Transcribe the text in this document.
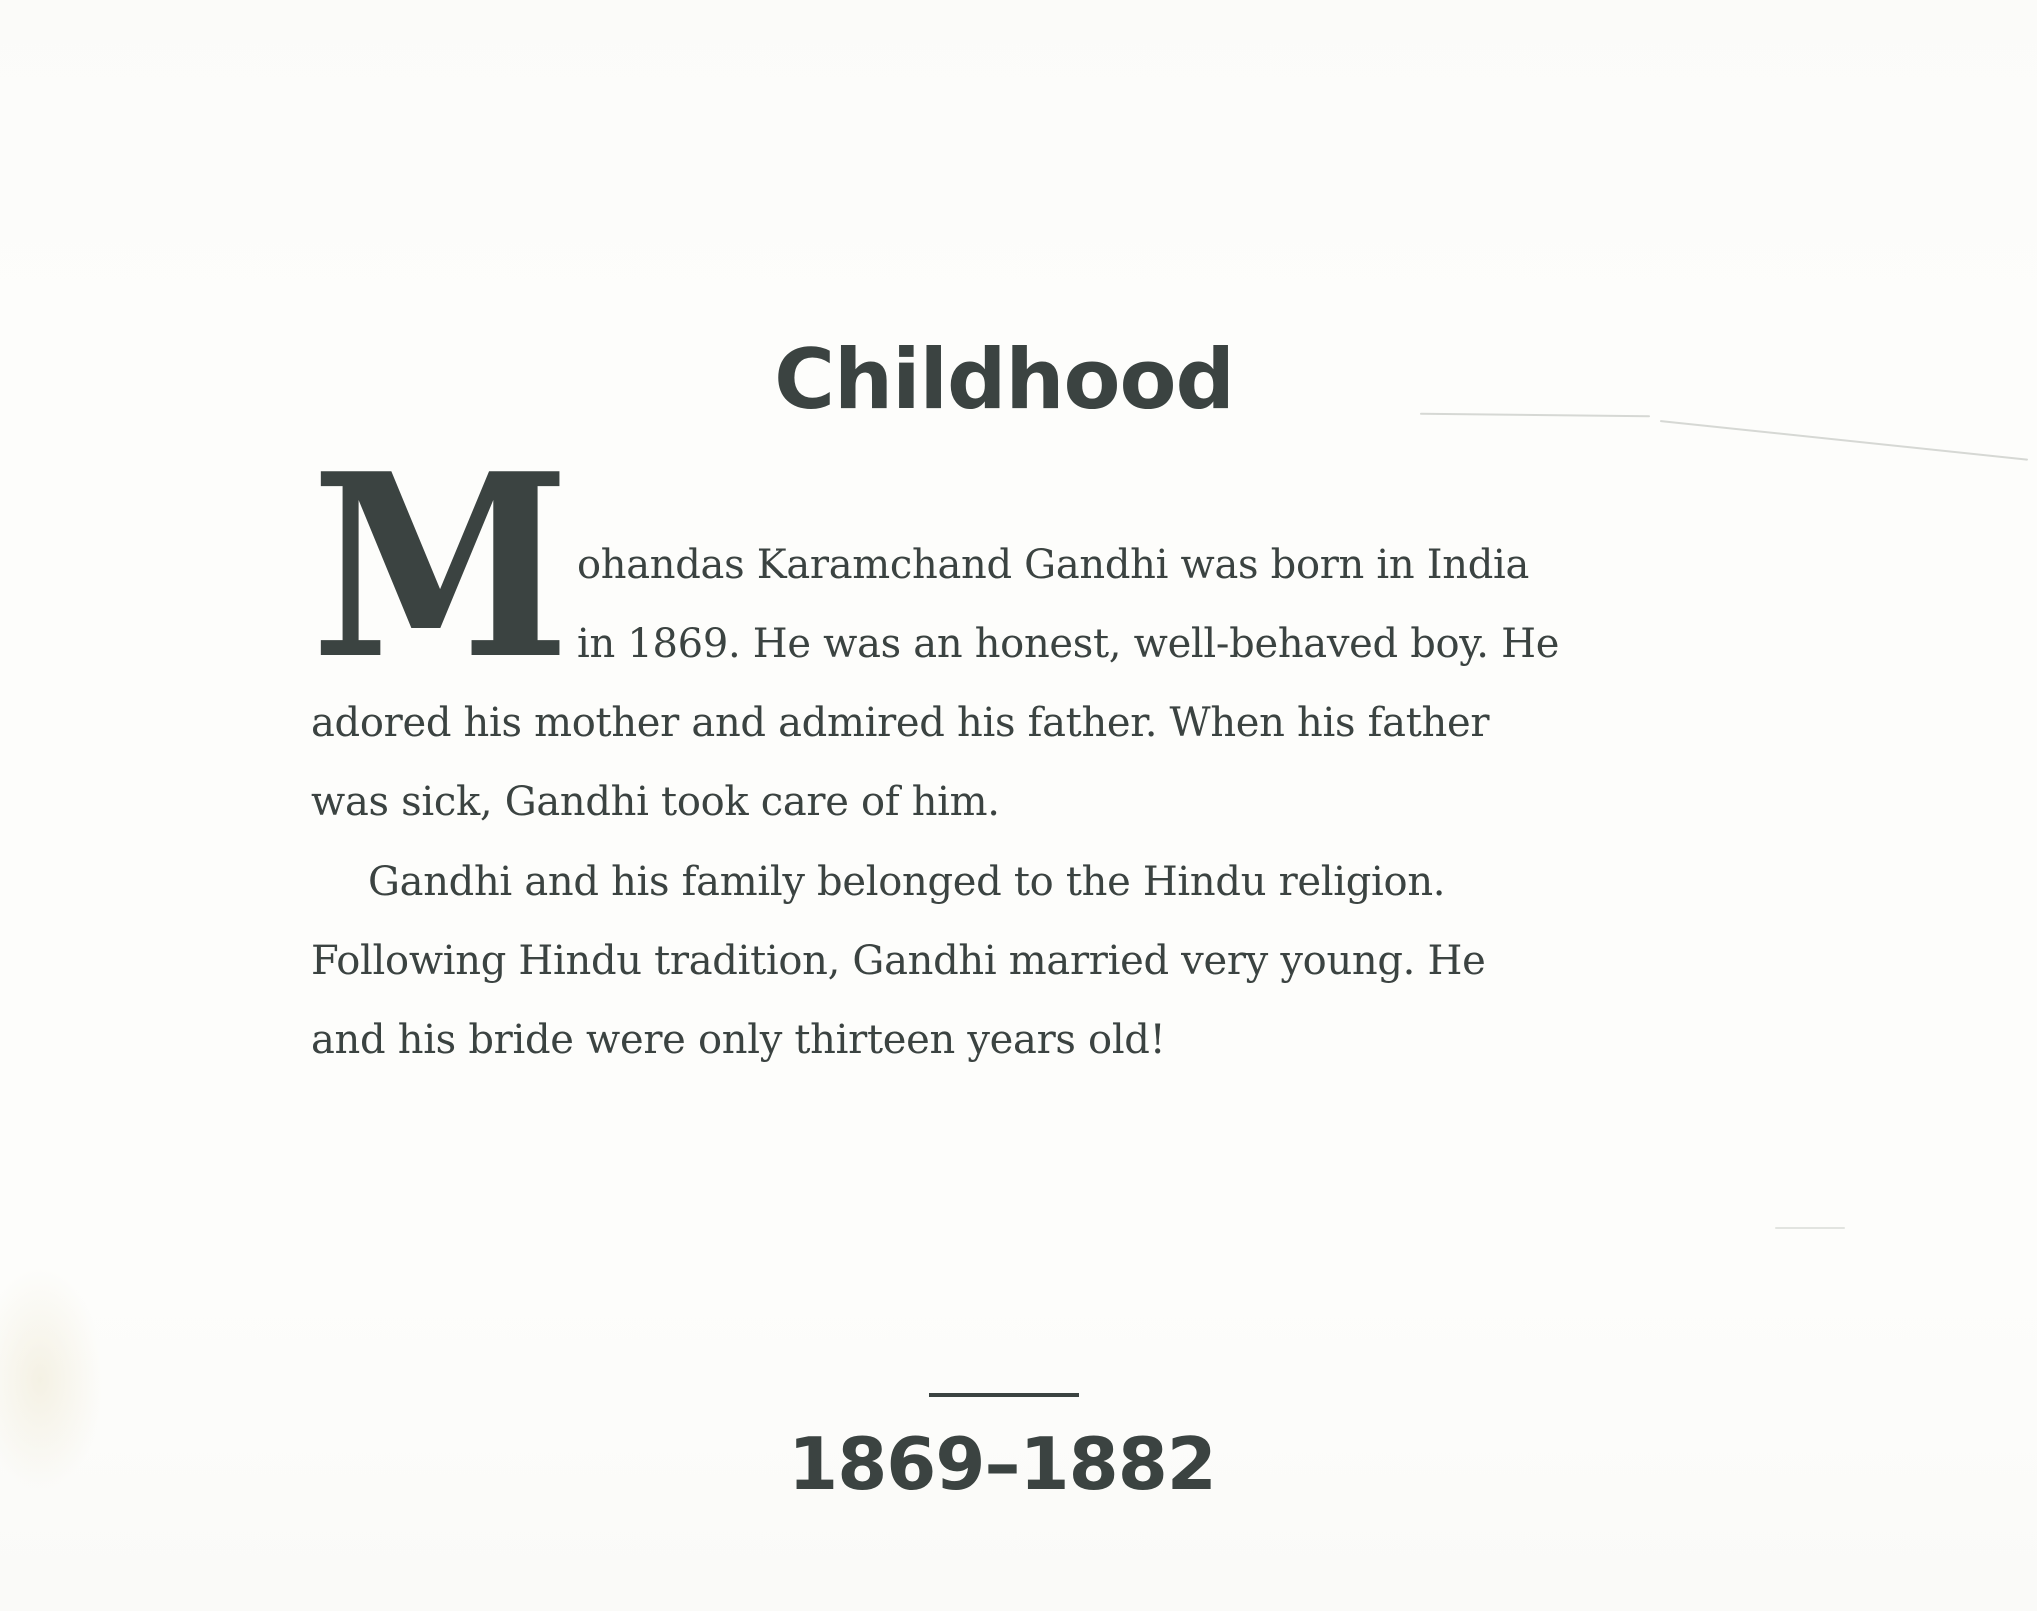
Childhood
M ohandas Karamchand Gandhi was born in India
in 1869. He was an honest, well-behaved boy. He
adored his mother and admired his father. When his father
was sick, Gandhi took care of him.
Gandhi and his family belonged to the Hindu religion.
Following Hindu tradition, Gandhi married very young. He
and his bride were only thirteen years old!
1869–1882
